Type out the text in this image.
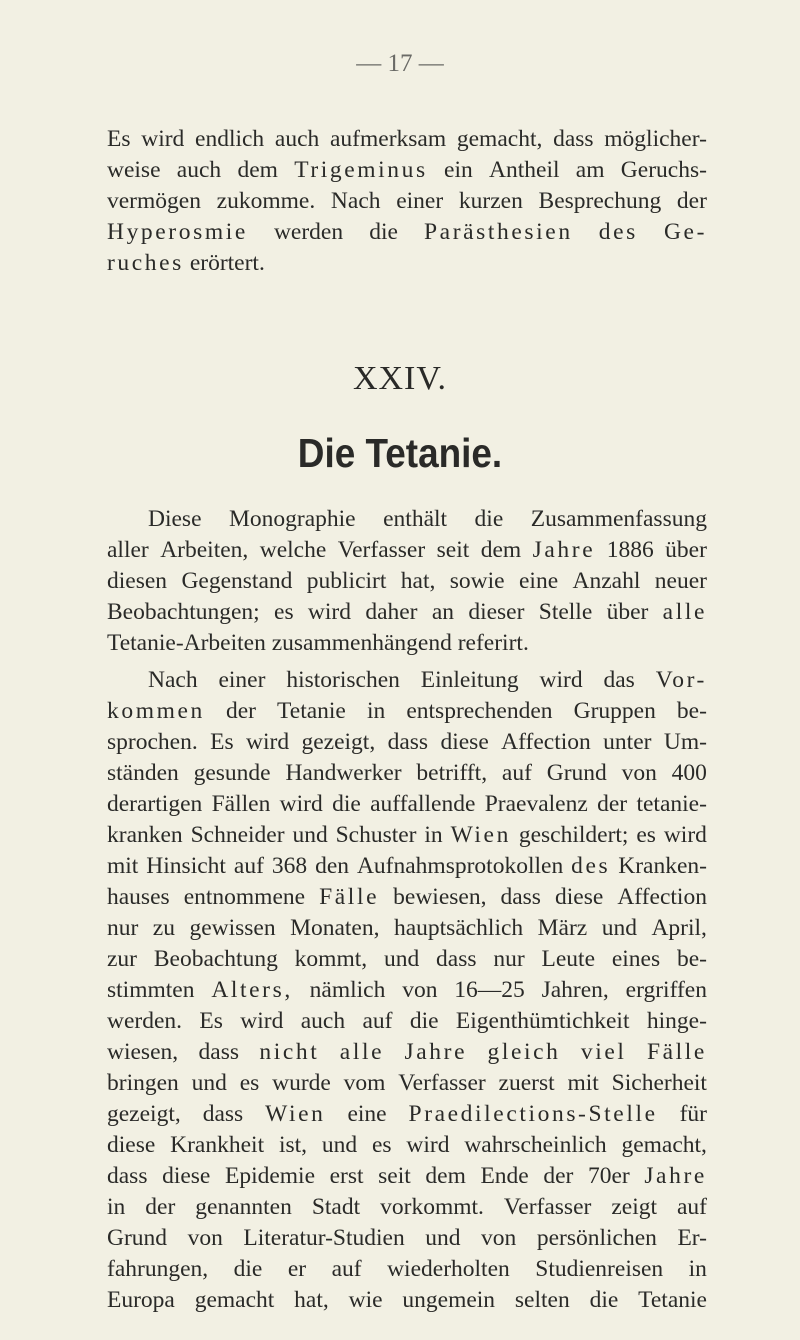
— 17 —
Es wird endlich auch aufmerksam gemacht, dass möglicher-
weise auch dem Trigeminus ein Antheil am Geruchs-
vermögen zukomme. Nach einer kurzen Besprechung der
Hyperosmie werden die Parästhesien des Ge-
ruches
erörtert.
XXIV.
Die Tetanie.
Diese Monographie enthält die Zusammenfassung
aller Arbeiten, welche Verfasser seit dem Jahre 1886 über
diesen Gegenstand publicirt hat, sowie eine Anzahl neuer
Beobachtungen; es wird daher an dieser Stelle über alle
Tetanie-Arbeiten
zusammenhängend
referirt.
Nach einer historischen Einleitung wird das Vor-
kommen der Tetanie in entsprechenden Gruppen be-
sprochen. Es wird gezeigt, dass diese Affection unter Um-
ständen gesunde Handwerker betrifft, auf Grund von 400
derartigen Fällen wird die auffallende Praevalenz der tetanie-
kranken Schneider und Schuster in Wien geschildert; es wird
mit Hinsicht auf 368 den Aufnahmsprotokollen des Kranken-
hauses entnommene Fälle bewiesen, dass diese Affection
nur zu gewissen Monaten, hauptsächlich März und April,
zur Beobachtung kommt, und dass nur Leute eines be-
stimmten Alters, nämlich von 16—25 Jahren, ergriffen
werden. Es wird auch auf die Eigenthümtichkeit hinge-
wiesen, dass nicht alle Jahre gleich viel Fälle
bringen und es wurde vom Verfasser zuerst mit Sicherheit
gezeigt, dass Wien eine Praedilections-Stelle für
diese Krankheit ist, und es wird wahrscheinlich gemacht,
dass diese Epidemie erst seit dem Ende der 70er Jahre
in der genannten Stadt vorkommt. Verfasser zeigt auf
Grund von Literatur-Studien und von persönlichen Er-
fahrungen, die er auf wiederholten Studienreisen in
Europa gemacht hat, wie ungemein selten die Tetanie
